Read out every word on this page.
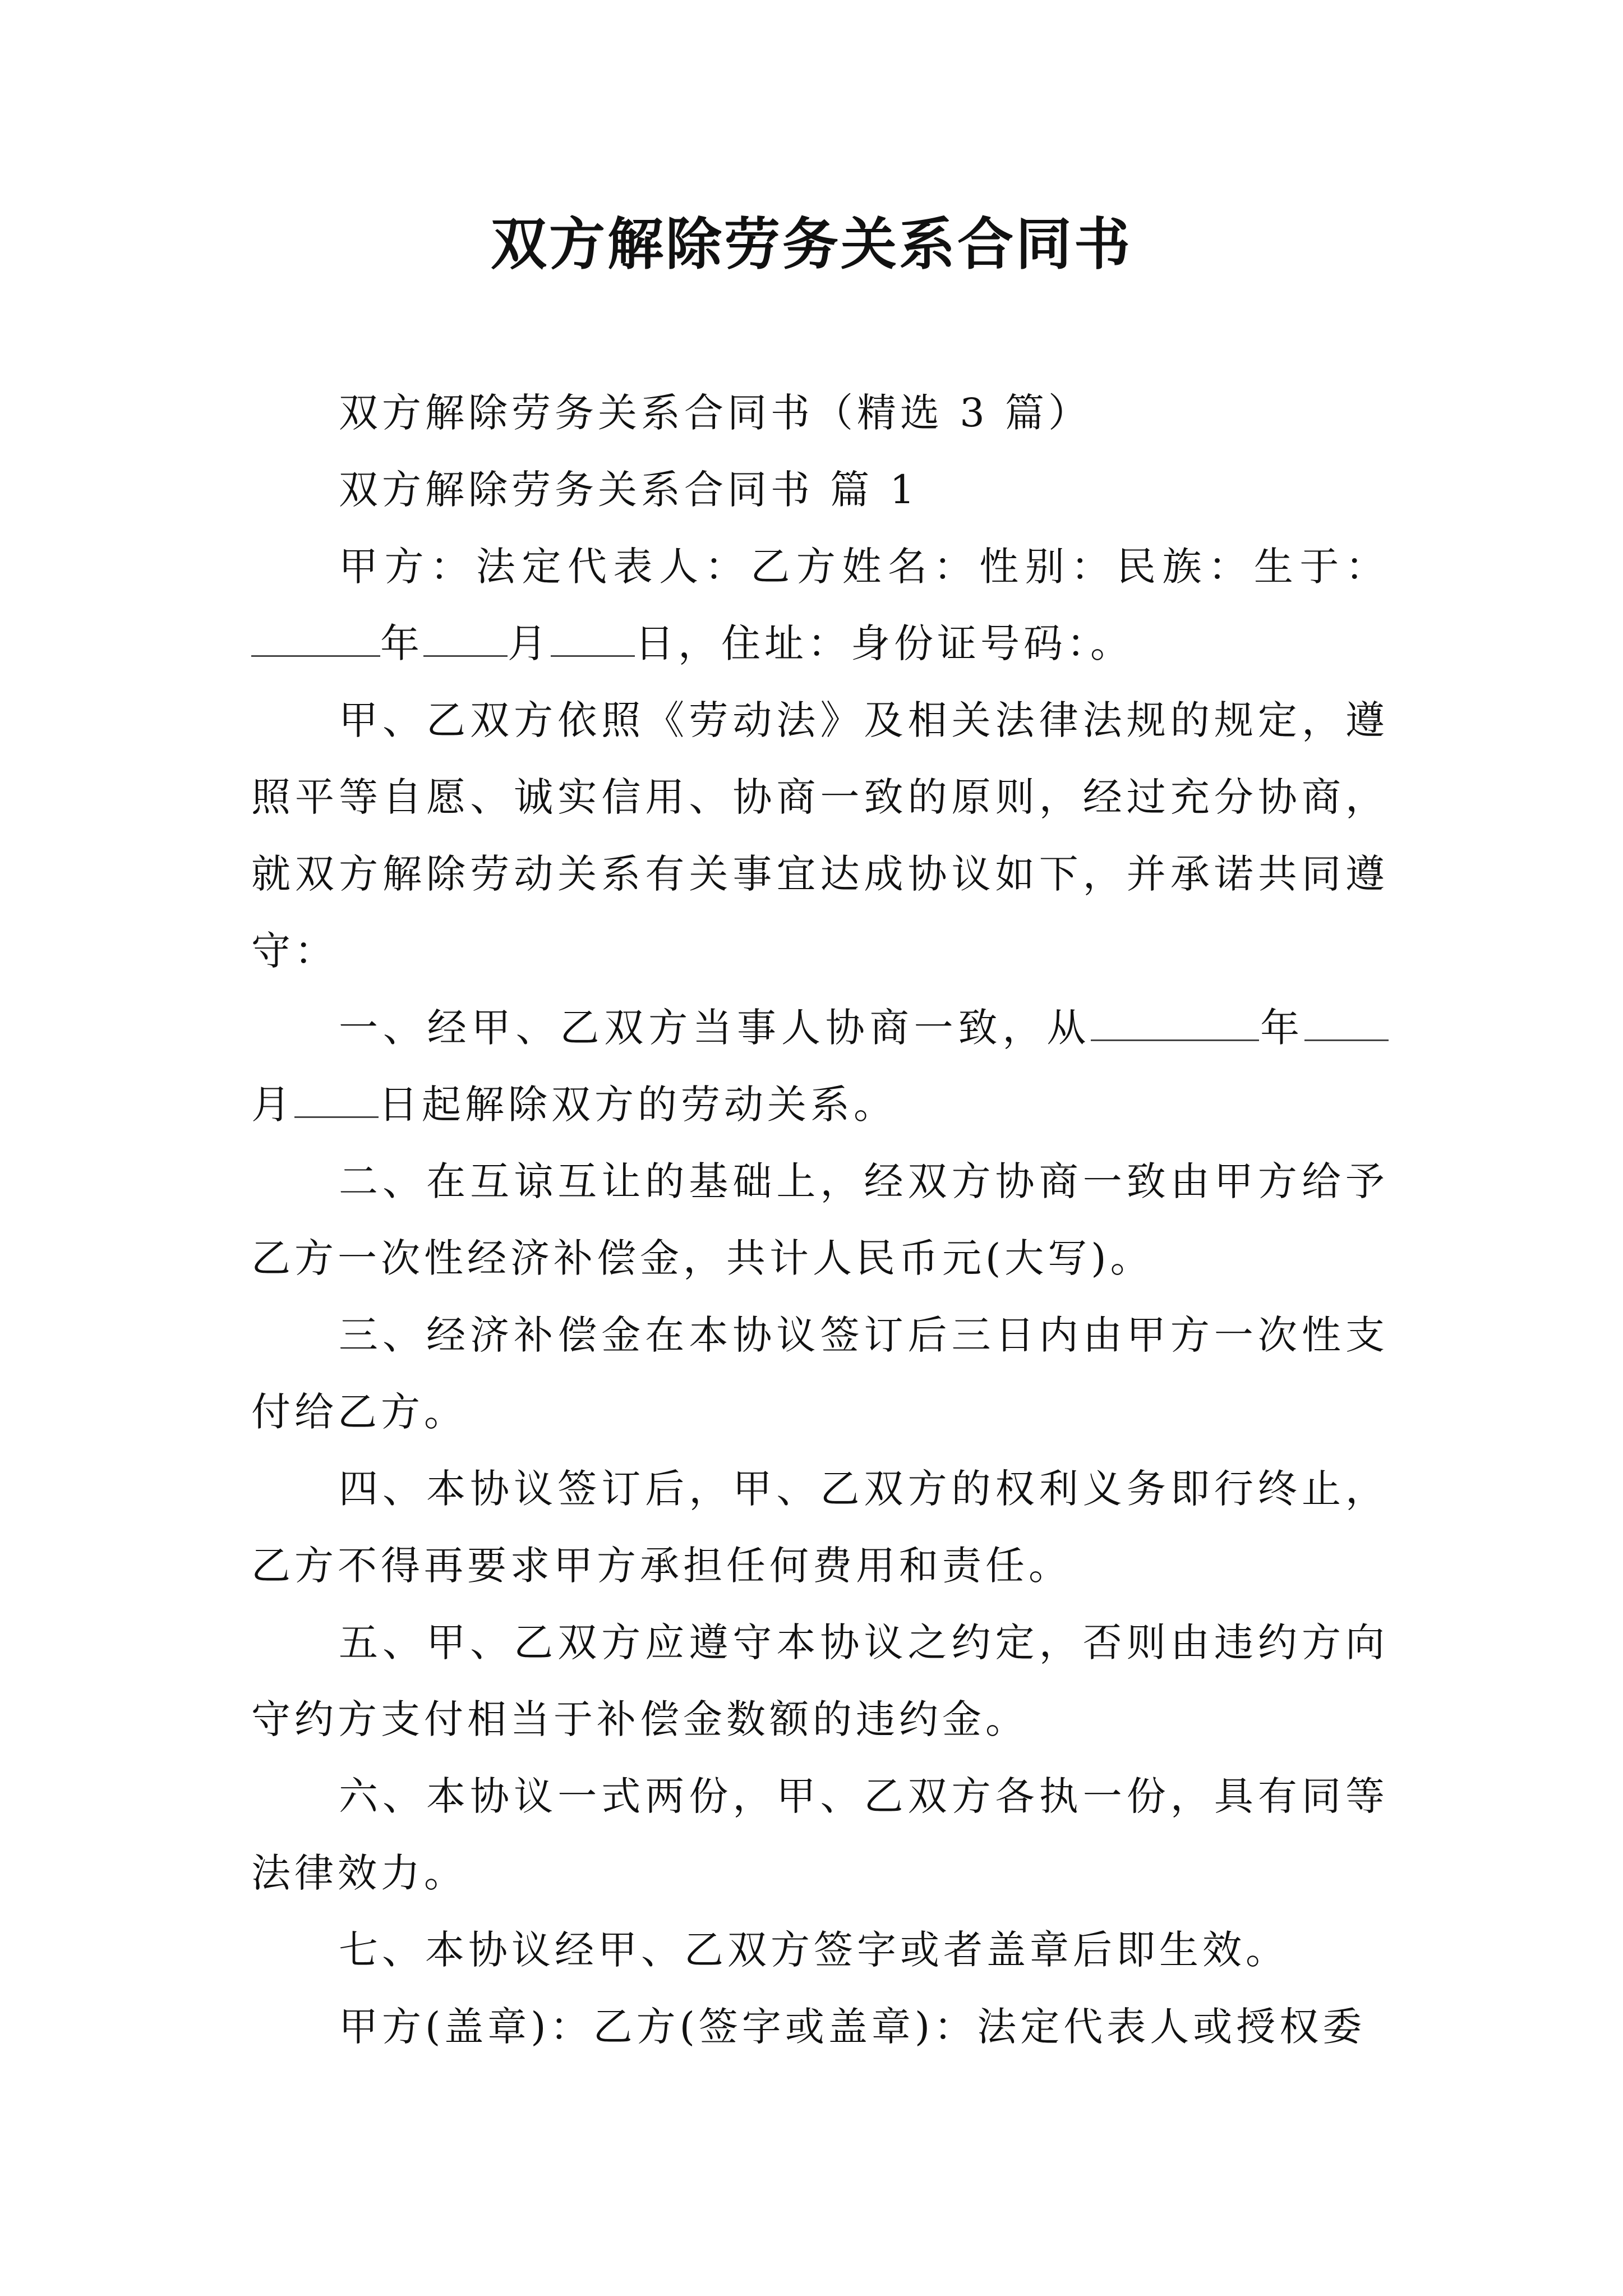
双方解除劳务关系合同书

双方解除劳务关系合同书（精选 3 篇）

双方解除劳务关系合同书 篇 1

甲方：法定代表人：乙方姓名：性别：民族：生于：年 月 日，住址：身份证号码：。

甲、乙双方依照《劳动法》及相关法律法规的规定，遵照平等自愿、诚实信用、协商一致的原则，经过充分协商，就双方解除劳动关系有关事宜达成协议如下，并承诺共同遵守：

一、经甲、乙双方当事人协商一致，从	年月 日起解除双方的劳动关系。

二、在互谅互让的基础上，经双方协商一致由甲方给予乙方一次性经济补偿金，共计人民币元(大写)。

三、经济补偿金在本协议签订后三日内由甲方一次性支付给乙方。

四、本协议签订后，甲、乙双方的权利义务即行终止，乙方不得再要求甲方承担任何费用和责任。

五、甲、乙双方应遵守本协议之约定，否则由违约方向守约方支付相当于补偿金数额的违约金。

六、本协议一式两份，甲、乙双方各执一份，具有同等法律效力。

七、本协议经甲、乙双方签字或者盖章后即生效。

甲方(盖章)：乙方(签字或盖章)：法定代表人或授权委
